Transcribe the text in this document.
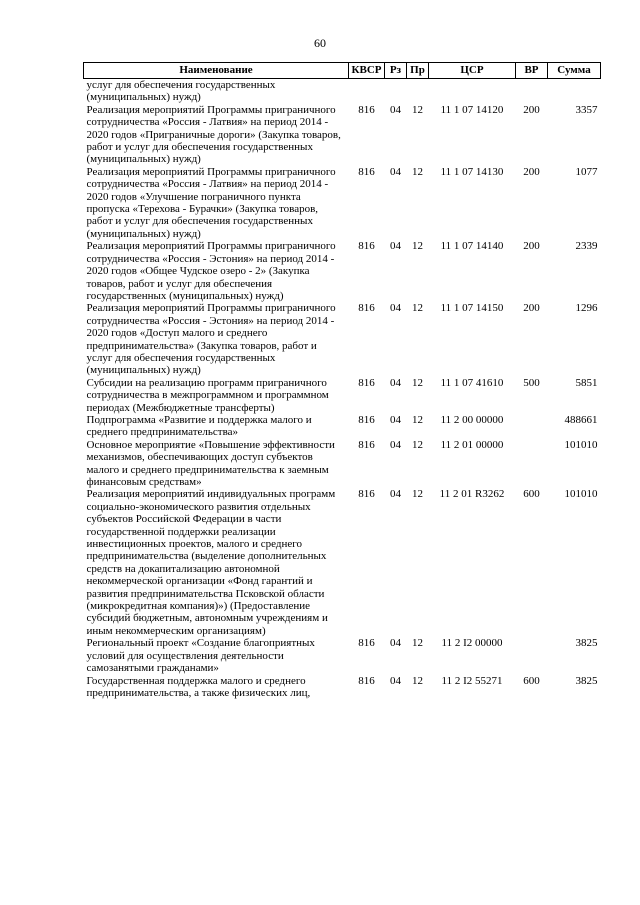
60
Наименование	КВСР	Рз	Пр	ЦСР	ВР	Сумма
услуг для обеспечения государственных (муниципальных) нужд)						
Реализация мероприятий Программы приграничного сотрудничества «Россия - Латвия» на период 2014 - 2020 годов «Приграничные дороги» (Закупка товаров, работ и услуг для обеспечения государственных (муниципальных) нужд)	816	04	12	11 1 07 14120	200	3357
Реализация мероприятий Программы приграничного сотрудничества «Россия - Латвия» на период 2014 - 2020 годов «Улучшение пограничного пункта пропуска «Терехова - Бурачки» (Закупка товаров, работ и услуг для обеспечения государственных (муниципальных) нужд)	816	04	12	11 1 07 14130	200	1077
Реализация мероприятий Программы приграничного сотрудничества «Россия - Эстония» на период 2014 - 2020 годов «Общее Чудское озеро - 2» (Закупка товаров, работ и услуг для обеспечения государственных (муниципальных) нужд)	816	04	12	11 1 07 14140	200	2339
Реализация мероприятий Программы приграничного сотрудничества «Россия - Эстония» на период 2014 - 2020 годов «Доступ малого и среднего предпринимательства» (Закупка товаров, работ и услуг для обеспечения государственных (муниципальных) нужд)	816	04	12	11 1 07 14150	200	1296
Субсидии на реализацию программ приграничного сотрудничества в межпрограммном и программном периодах (Межбюджетные трансферты)	816	04	12	11 1 07 41610	500	5851
Подпрограмма «Развитие и поддержка малого и среднего предпринимательства»	816	04	12	11 2 00 00000		488661
Основное мероприятие «Повышение эффективности механизмов, обеспечивающих доступ субъектов малого и среднего предпринимательства к заемным финансовым средствам»	816	04	12	11 2 01 00000		101010
Реализация мероприятий индивидуальных программ социально-экономического развития отдельных субъектов Российской Федерации в части государственной поддержки реализации инвестиционных проектов, малого и среднего предпринимательства (выделение дополнительных средств на докапитализацию автономной некоммерческой организации «Фонд гарантий и развития предпринимательства Псковской области (микрокредитная компания)») (Предоставление субсидий бюджетным, автономным учреждениям и иным некоммерческим организациям)	816	04	12	11 2 01 R3262	600	101010
Региональный проект «Создание благоприятных условий для осуществления деятельности самозанятыми гражданами»	816	04	12	11 2 I2 00000		3825
Государственная поддержка малого и среднего предпринимательства, а также физических лиц,	816	04	12	11 2 I2 55271	600	3825
